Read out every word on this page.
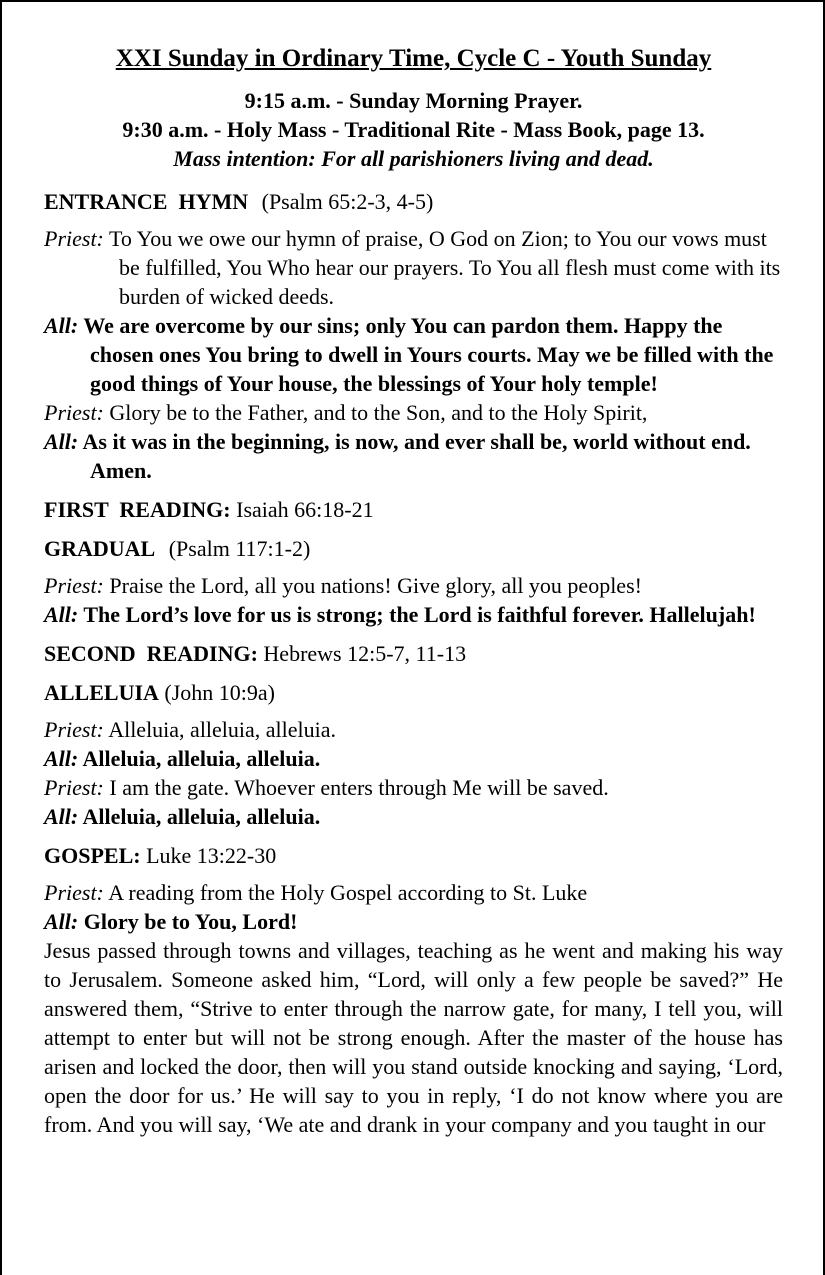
XXI Sunday in Ordinary Time, Cycle C - Youth Sunday
9:15 a.m. - Sunday Morning Prayer.
9:30 a.m. - Holy Mass - Traditional Rite - Mass Book, page 13.
Mass intention: For all parishioners living and dead.
ENTRANCE  HYMN (Psalm 65:2-3, 4-5)
Priest: To You we owe our hymn of praise, O God on Zion; to You our vows must be fulfilled, You Who hear our prayers. To You all flesh must come with its burden of wicked deeds.
All: We are overcome by our sins; only You can pardon them. Happy the chosen ones You bring to dwell in Yours courts. May we be filled with the good things of Your house, the blessings of Your holy temple!
Priest: Glory be to the Father, and to the Son, and to the Holy Spirit,
All: As it was in the beginning, is now, and ever shall be, world without end. Amen.
FIRST  READING: Isaiah 66:18-21
GRADUAL (Psalm 117:1-2)
Priest: Praise the Lord, all you nations! Give glory, all you peoples!
All: The Lord’s love for us is strong; the Lord is faithful forever. Hallelujah!
SECOND  READING: Hebrews 12:5-7, 11-13
ALLELUIA (John 10:9a)
Priest: Alleluia, alleluia, alleluia.
All: Alleluia, alleluia, alleluia.
Priest: I am the gate. Whoever enters through Me will be saved.
All: Alleluia, alleluia, alleluia.
GOSPEL: Luke 13:22-30
Priest: A reading from the Holy Gospel according to St. Luke
All: Glory be to You, Lord!
Jesus passed through towns and villages, teaching as he went and making his way to Jerusalem. Someone asked him, “Lord, will only a few people be saved?” He answered them, “Strive to enter through the narrow gate, for many, I tell you, will attempt to enter but will not be strong enough. After the master of the house has arisen and locked the door, then will you stand outside knocking and saying, ‘Lord, open the door for us.’ He will say to you in reply, ‘I do not know where you are from. And you will say, ‘We ate and drank in your company and you taught in our
